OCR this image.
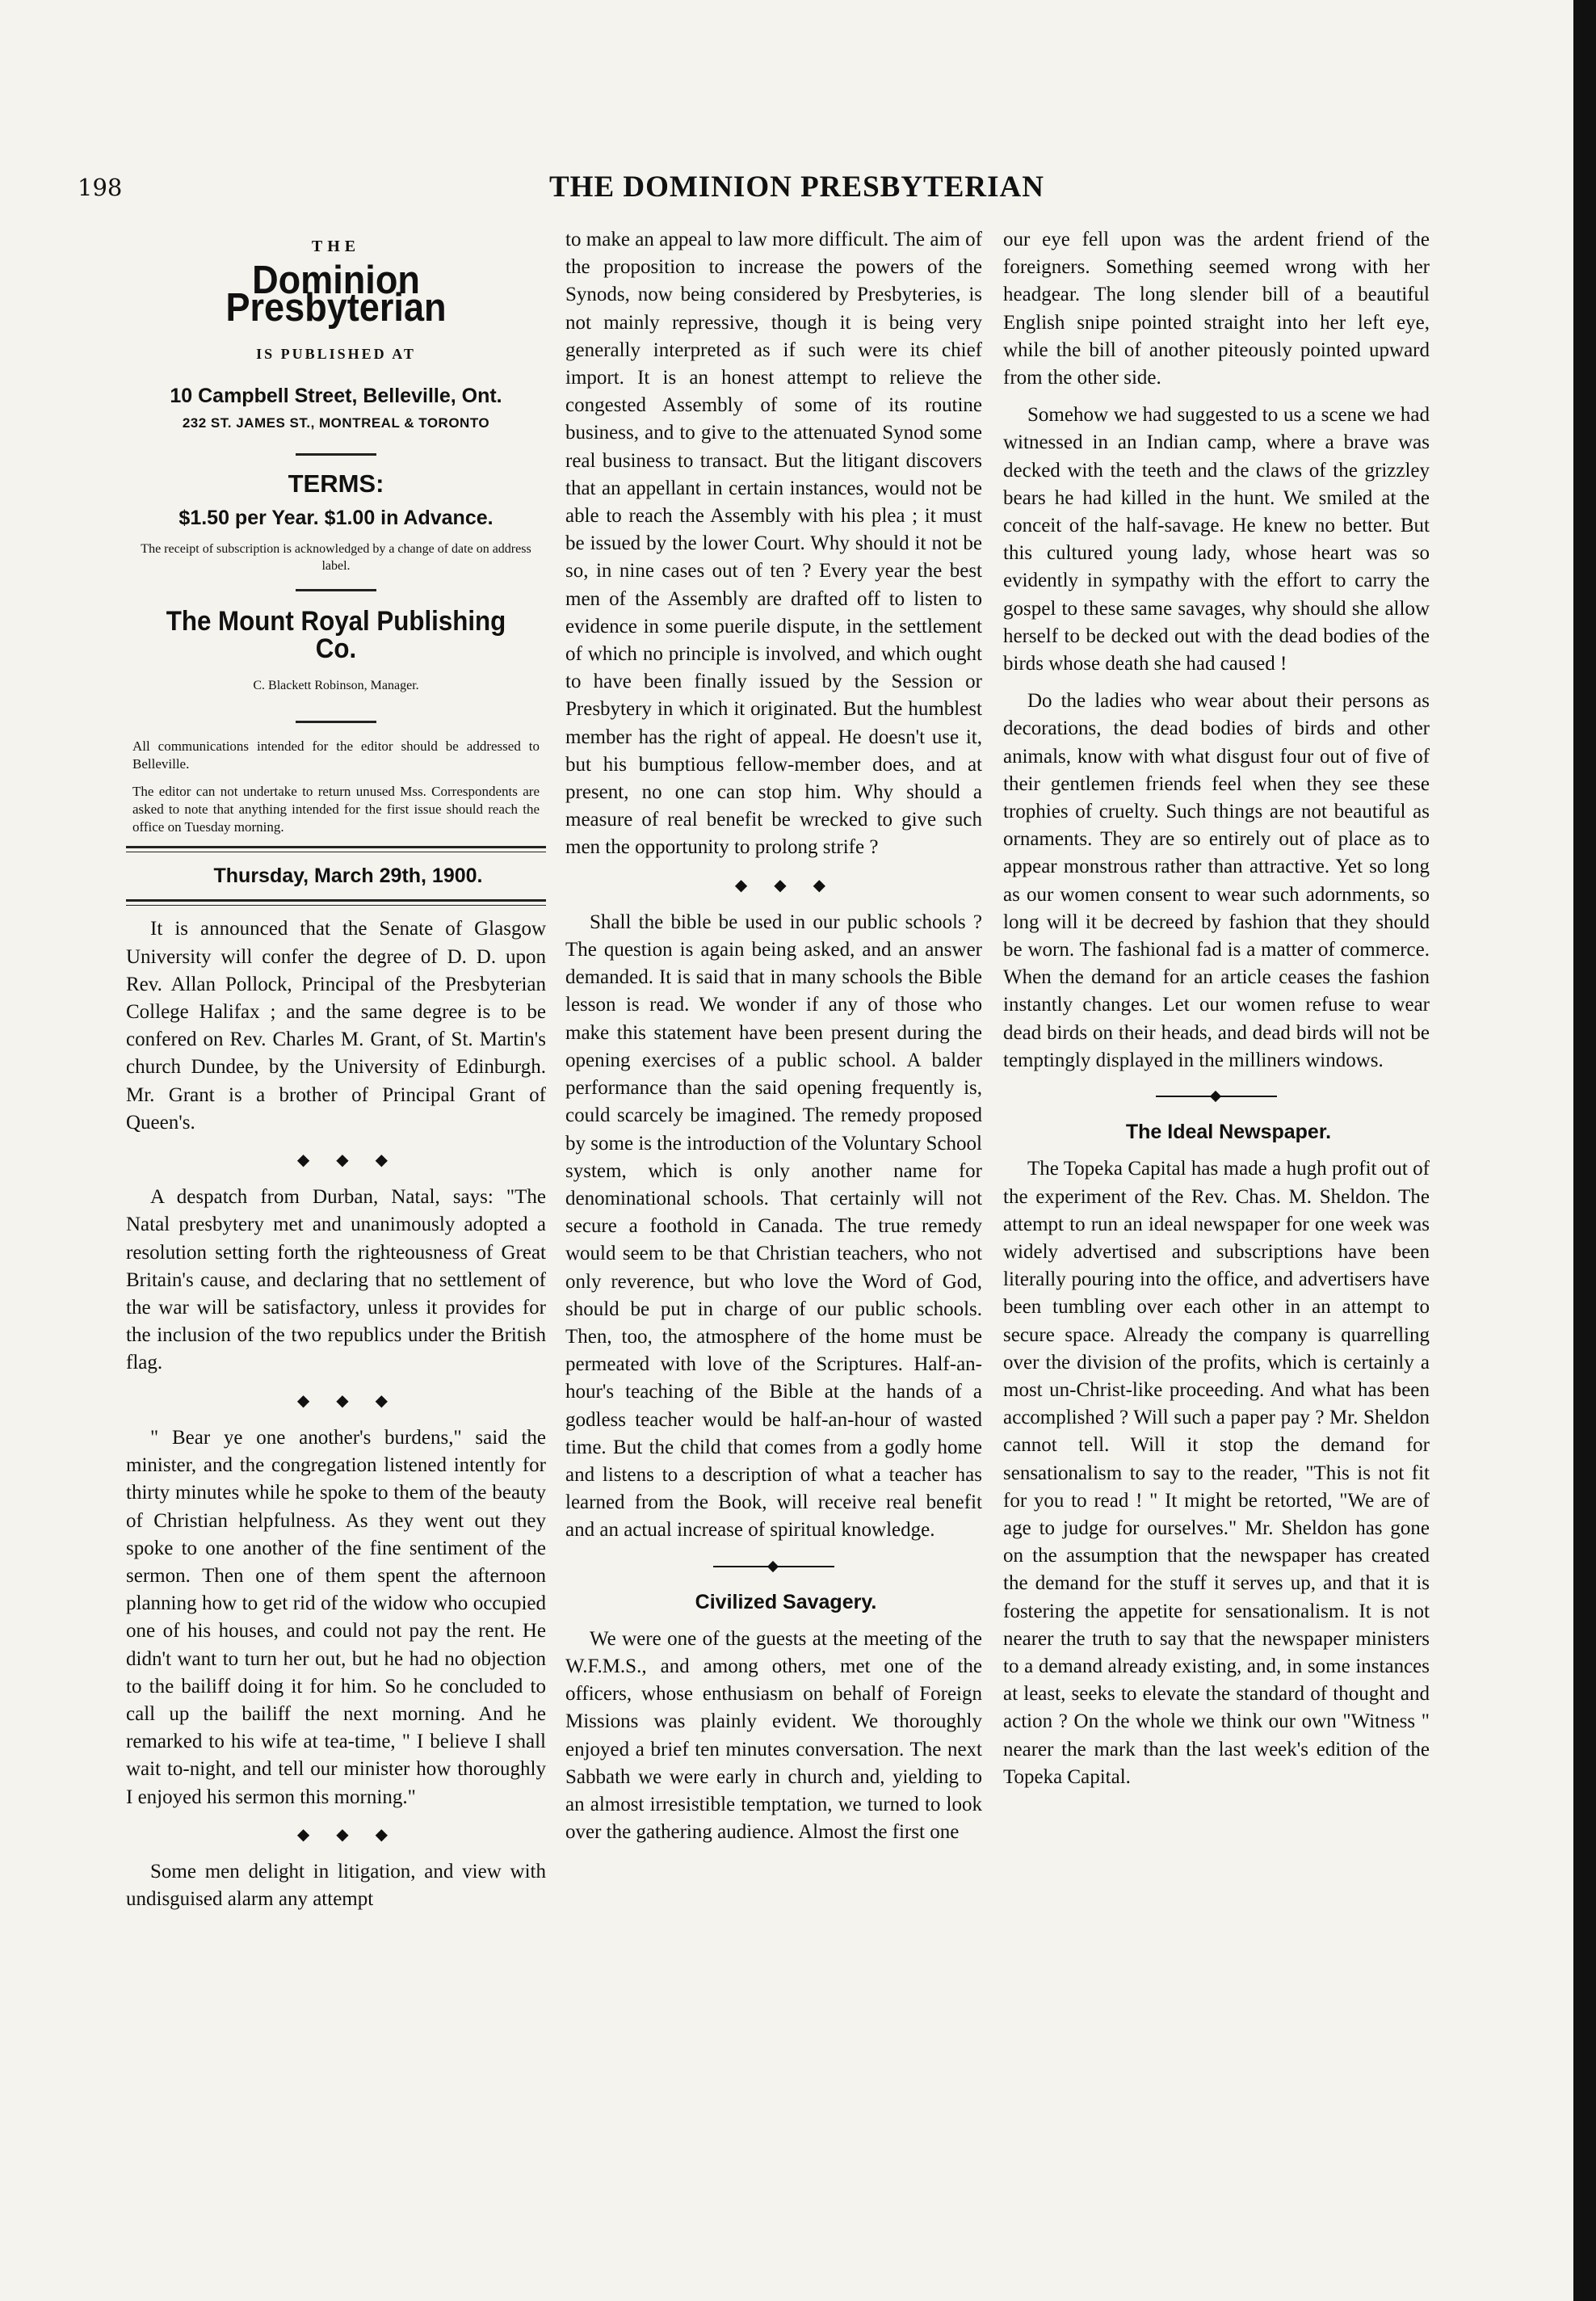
198	THE DOMINION PRESBYTERIAN

THE

Dominion Presbyterian

IS PUBLISHED AT

10 Campbell Street, Belleville, Ont.

232 ST. JAMES ST., MONTREAL & TORONTO

TERMS:

$1.50 per Year. $1.00 in Advance.

The receipt of subscription is acknowledged by a change of date on address label.

The Mount Royal Publishing Co.

C. Blackett Robinson, Manager.

All communications intended for the editor should be addressed to Belleville.

The editor can not undertake to return unused Mss. Correspondents are asked to note that anything intended for the first issue should reach the office on Tuesday morning.

Thursday, March 29th, 1900.

It is announced that the Senate of Glasgow University will confer the degree of D. D. upon Rev. Allan Pollock, Principal of the Presbyterian College Halifax ; and the same degree is to be confered on Rev. Charles M. Grant, of St. Martin's church Dundee, by the University of Edinburgh. Mr. Grant is a brother of Principal Grant of Queen's.

◆ ◆ ◆

A despatch from Durban, Natal, says: "The Natal presbytery met and unanimously adopted a resolution setting forth the righteousness of Great Britain's cause, and declaring that no settlement of the war will be satisfactory, unless it provides for the inclusion of the two republics under the British flag.

◆ ◆ ◆

" Bear ye one another's burdens," said the minister, and the congregation listened intently for thirty minutes while he spoke to them of the beauty of Christian helpfulness. As they went out they spoke to one another of the fine sentiment of the sermon. Then one of them spent the afternoon planning how to get rid of the widow who occupied one of his houses, and could not pay the rent. He didn't want to turn her out, but he had no objection to the bailiff doing it for him. So he concluded to call up the bailiff the next morning. And he remarked to his wife at tea-time, " I believe I shall wait to-night, and tell our minister how thoroughly I enjoyed his sermon this morning."

◆ ◆ ◆

Some men delight in litigation, and view with undisguised alarm any attempt

to make an appeal to law more difficult. The aim of the proposition to increase the powers of the Synods, now being considered by Presbyteries, is not mainly repressive, though it is being very generally interpreted as if such were its chief import. It is an honest attempt to relieve the congested Assembly of some of its routine business, and to give to the attenuated Synod some real business to transact. But the litigant discovers that an appellant in certain instances, would not be able to reach the Assembly with his plea ; it must be issued by the lower Court. Why should it not be so, in nine cases out of ten ? Every year the best men of the Assembly are drafted off to listen to evidence in some puerile dispute, in the settlement of which no principle is involved, and which ought to have been finally issued by the Session or Presbytery in which it originated. But the humblest member has the right of appeal. He doesn't use it, but his bumptious fellow-member does, and at present, no one can stop him. Why should a measure of real benefit be wrecked to give such men the opportunity to prolong strife ?

◆ ◆ ◆

Shall the bible be used in our public schools ? The question is again being asked, and an answer demanded. It is said that in many schools the Bible lesson is read. We wonder if any of those who make this statement have been present during the opening exercises of a public school. A balder performance than the said opening frequently is, could scarcely be imagined. The remedy proposed by some is the introduction of the Voluntary School system, which is only another name for denominational schools. That certainly will not secure a foothold in Canada. The true remedy would seem to be that Christian teachers, who not only reverence, but who love the Word of God, should be put in charge of our public schools. Then, too, the atmosphere of the home must be permeated with love of the Scriptures. Half-an-hour's teaching of the Bible at the hands of a godless teacher would be half-an-hour of wasted time. But the child that comes from a godly home and listens to a description of what a teacher has learned from the Book, will receive real benefit and an actual increase of spiritual knowledge.

Civilized Savagery.

We were one of the guests at the meeting of the W.F.M.S., and among others, met one of the officers, whose enthusiasm on behalf of Foreign Missions was plainly evident. We thoroughly enjoyed a brief ten minutes conversation. The next Sabbath we were early in church and, yielding to an almost irresistible temptation, we turned to look over the gathering audience. Almost the first one

our eye fell upon was the ardent friend of the foreigners. Something seemed wrong with her headgear. The long slender bill of a beautiful English snipe pointed straight into her left eye, while the bill of another piteously pointed upward from the other side.

Somehow we had suggested to us a scene we had witnessed in an Indian camp, where a brave was decked with the teeth and the claws of the grizzley bears he had killed in the hunt. We smiled at the conceit of the half-savage. He knew no better. But this cultured young lady, whose heart was so evidently in sympathy with the effort to carry the gospel to these same savages, why should she allow herself to be decked out with the dead bodies of the birds whose death she had caused !

Do the ladies who wear about their persons as decorations, the dead bodies of birds and other animals, know with what disgust four out of five of their gentlemen friends feel when they see these trophies of cruelty. Such things are not beautiful as ornaments. They are so entirely out of place as to appear monstrous rather than attractive. Yet so long as our women consent to wear such adornments, so long will it be decreed by fashion that they should be worn. The fashional fad is a matter of commerce. When the demand for an article ceases the fashion instantly changes. Let our women refuse to wear dead birds on their heads, and dead birds will not be temptingly displayed in the milliners windows.

The Ideal Newspaper.

The Topeka Capital has made a hugh profit out of the experiment of the Rev. Chas. M. Sheldon. The attempt to run an ideal newspaper for one week was widely advertised and subscriptions have been literally pouring into the office, and advertisers have been tumbling over each other in an attempt to secure space. Already the company is quarrelling over the division of the profits, which is certainly a most un-Christ-like proceeding. And what has been accomplished ? Will such a paper pay ? Mr. Sheldon cannot tell. Will it stop the demand for sensationalism to say to the reader, "This is not fit for you to read ! " It might be retorted, "We are of age to judge for ourselves." Mr. Sheldon has gone on the assumption that the newspaper has created the demand for the stuff it serves up, and that it is fostering the appetite for sensationalism. It is not nearer the truth to say that the newspaper ministers to a demand already existing, and, in some instances at least, seeks to elevate the standard of thought and action ? On the whole we think our own "Witness " nearer the mark than the last week's edition of the Topeka Capital.
